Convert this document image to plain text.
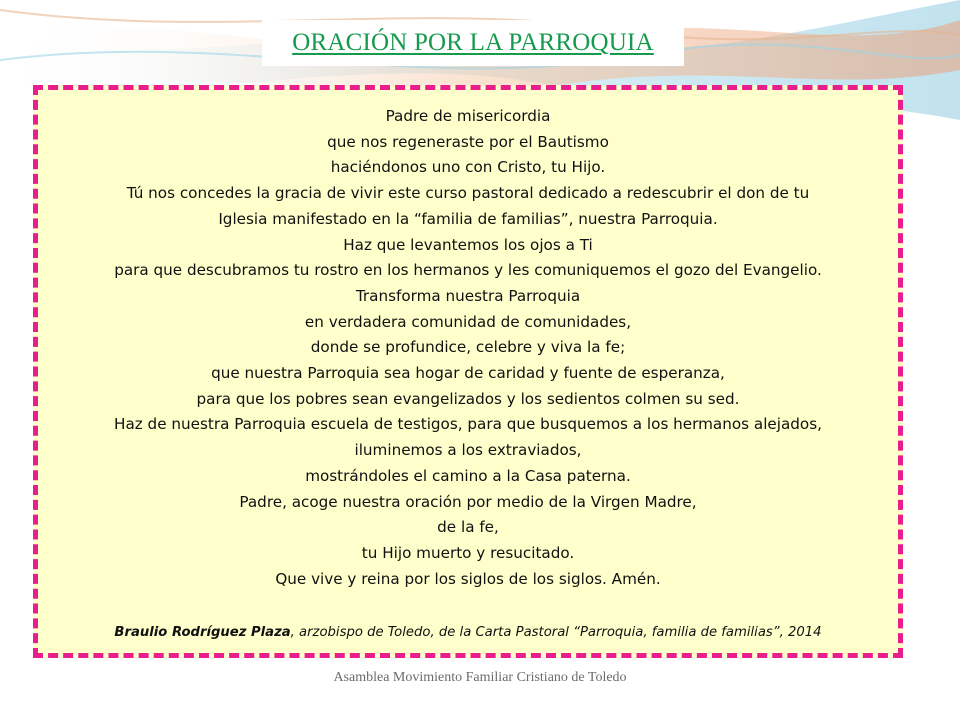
ORACIÓN POR LA PARROQUIA
Padre de misericordia
que nos regeneraste por el Bautismo
haciéndonos uno con Cristo, tu Hijo.
Tú nos concedes la gracia de vivir este curso pastoral dedicado a redescubrir el don de tu
Iglesia manifestado en la “familia de familias”, nuestra Parroquia.
Haz que levantemos los ojos a Ti
para que descubramos tu rostro en los hermanos y les comuniquemos el gozo del Evangelio.
Transforma nuestra Parroquia
en verdadera comunidad de comunidades,
donde se profundice, celebre y viva la fe;
que nuestra Parroquia sea hogar de caridad y fuente de esperanza,
para que los pobres sean evangelizados y los sedientos colmen su sed.
Haz de nuestra Parroquia escuela de testigos, para que busquemos a los hermanos alejados,
iluminemos a los extraviados,
mostrándoles el camino a la Casa paterna.
Padre, acoge nuestra oración por medio de la Virgen Madre,
de la fe,
tu Hijo muerto y resucitado.
Que vive y reina por los siglos de los siglos. Amén.
Braulio Rodríguez Plaza, arzobispo de Toledo, de la Carta Pastoral “Parroquia, familia de familias”, 2014
Asamblea Movimiento Familiar Cristiano de Toledo
